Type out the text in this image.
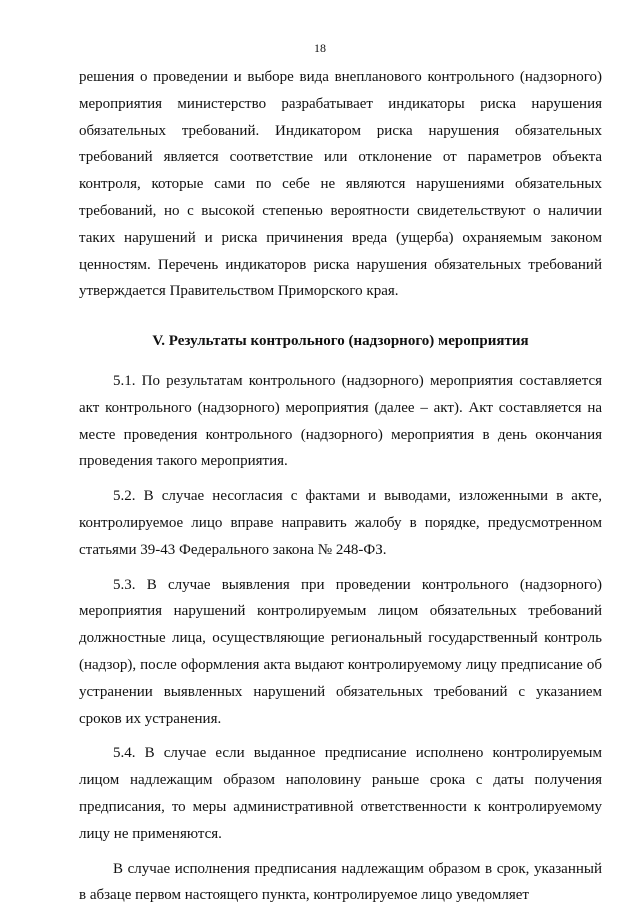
18

решения о проведении и выборе вида внепланового контрольного (надзорного) мероприятия министерство разрабатывает индикаторы риска нарушения обязательных требований. Индикатором риска нарушения обязательных требований является соответствие или отклонение от параметров объекта контроля, которые сами по себе не являются нарушениями обязательных требований, но с высокой степенью вероятности свидетельствуют о наличии таких нарушений и риска причинения вреда (ущерба) охраняемым законом ценностям. Перечень индикаторов риска нарушения обязательных требований утверждается Правительством Приморского края.

V. Результаты контрольного (надзорного) мероприятия

5.1. По результатам контрольного (надзорного) мероприятия составляется акт контрольного (надзорного) мероприятия (далее – акт). Акт составляется на месте проведения контрольного (надзорного) мероприятия в день окончания проведения такого мероприятия.

5.2. В случае несогласия с фактами и выводами, изложенными в акте, контролируемое лицо вправе направить жалобу в порядке, предусмотренном статьями 39-43 Федерального закона № 248-ФЗ.

5.3. В случае выявления при проведении контрольного (надзорного) мероприятия нарушений контролируемым лицом обязательных требований должностные лица, осуществляющие региональный государственный контроль (надзор), после оформления акта выдают контролируемому лицу предписание об устранении выявленных нарушений обязательных требований с указанием сроков их устранения.

5.4. В случае если выданное предписание исполнено контролируемым лицом надлежащим образом наполовину раньше срока с даты получения предписания, то меры административной ответственности к контролируемому лицу не применяются.

В случае исполнения предписания надлежащим образом в срок, указанный в абзаце первом настоящего пункта, контролируемое лицо уведомляет
